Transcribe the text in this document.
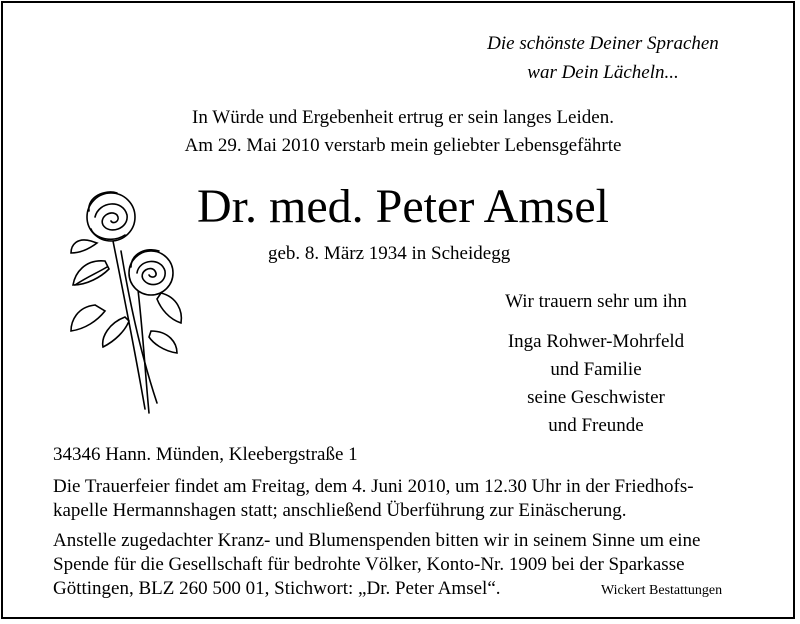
Die schönste Deiner Sprachen
war Dein Lächeln...
In Würde und Ergebenheit ertrug er sein langes Leiden.
Am 29. Mai 2010 verstarb mein geliebter Lebensgefährte
Dr. med. Peter Amsel
geb. 8. März 1934 in Scheidegg
Wir trauern sehr um ihn
Inga Rohwer-Mohrfeld
und Familie
seine Geschwister
und Freunde
34346 Hann. Münden, Kleebergstraße 1
Die Trauerfeier findet am Freitag, dem 4. Juni 2010, um 12.30 Uhr in der Friedhofs-
kapelle Hermannshagen statt; anschließend Überführung zur Einäscherung.
Anstelle zugedachter Kranz- und Blumenspenden bitten wir in seinem Sinne um eine
Spende für die Gesellschaft für bedrohte Völker, Konto-Nr. 1909 bei der Sparkasse
Göttingen, BLZ 260 500 01, Stichwort: „Dr. Peter Amsel“.	Wickert Bestattungen
